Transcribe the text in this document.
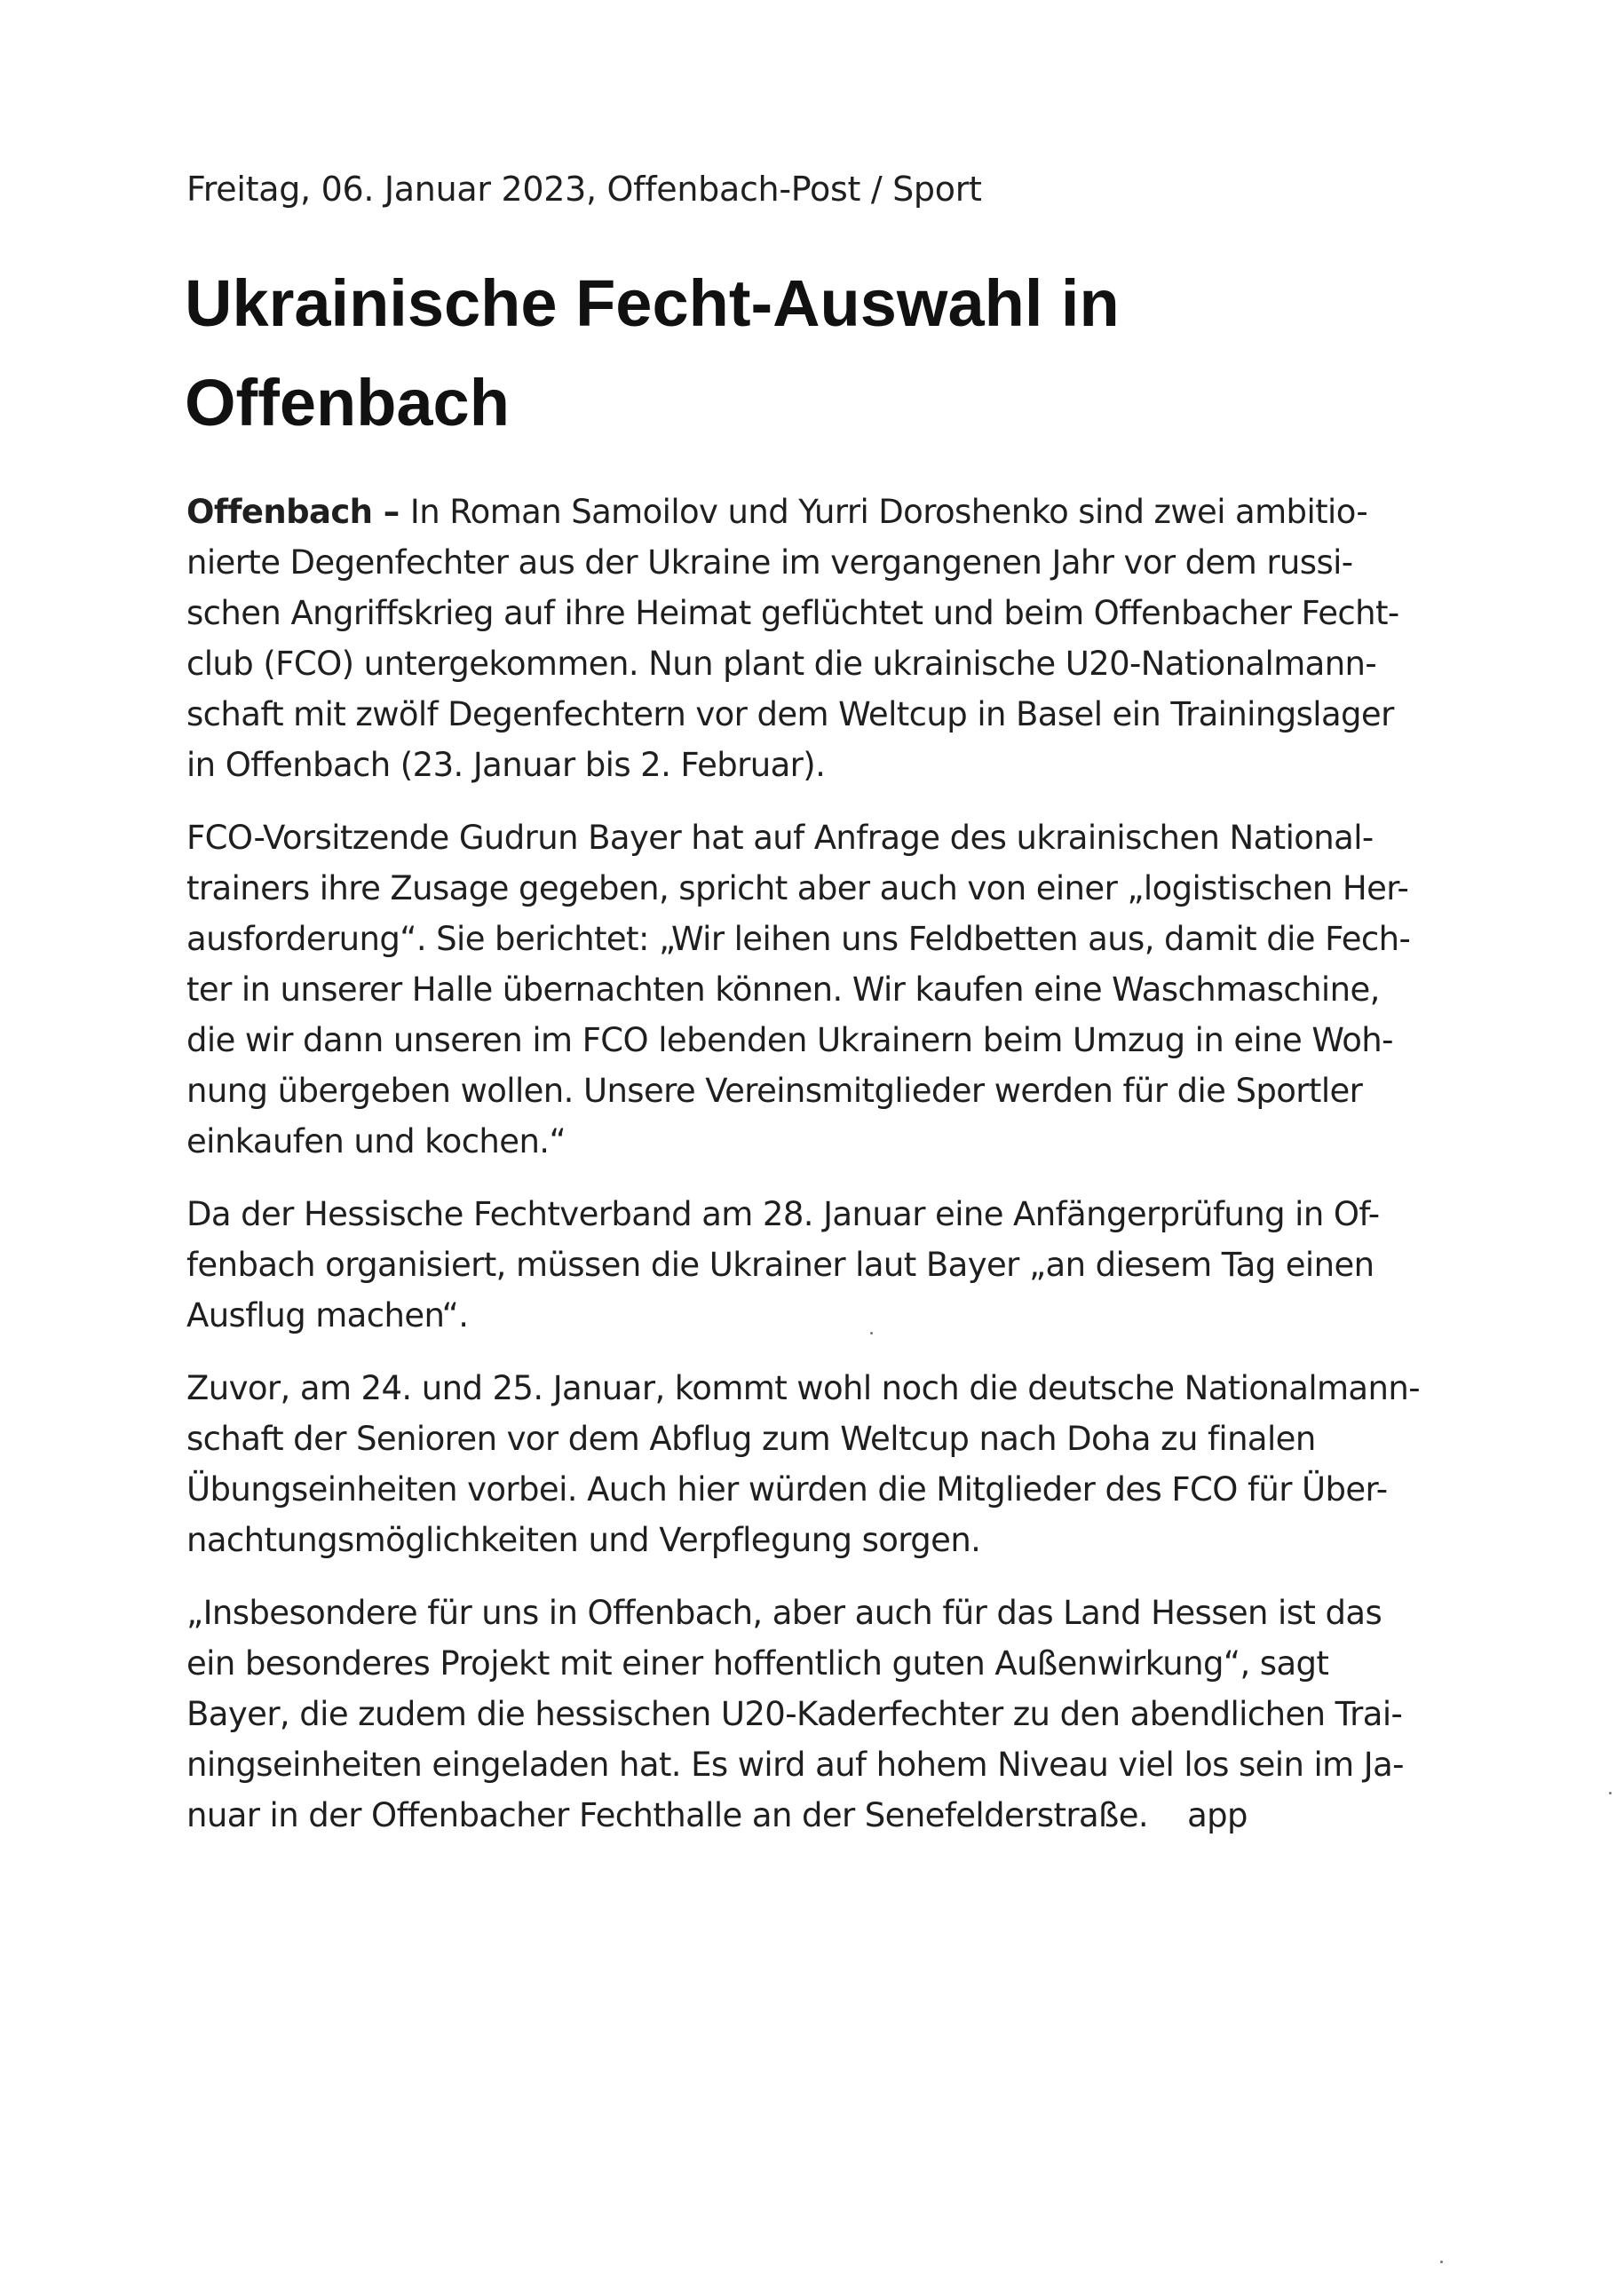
Freitag, 06. Januar 2023, Offenbach-Post / Sport
Ukrainische Fecht-Auswahl in Offenbach
Offenbach – In Roman Samoilov und Yurri Doroshenko sind zwei ambitio-
nierte Degenfechter aus der Ukraine im vergangenen Jahr vor dem russi-
schen Angriffskrieg auf ihre Heimat geflüchtet und beim Offenbacher Fecht-
club (FCO) untergekommen. Nun plant die ukrainische U20-Nationalmann-
schaft mit zwölf Degenfechtern vor dem Weltcup in Basel ein Trainingslager
in Offenbach (23. Januar bis 2. Februar).
FCO-Vorsitzende Gudrun Bayer hat auf Anfrage des ukrainischen National-
trainers ihre Zusage gegeben, spricht aber auch von einer „logistischen Her-
ausforderung“. Sie berichtet: „Wir leihen uns Feldbetten aus, damit die Fech-
ter in unserer Halle übernachten können. Wir kaufen eine Waschmaschine,
die wir dann unseren im FCO lebenden Ukrainern beim Umzug in eine Woh-
nung übergeben wollen. Unsere Vereinsmitglieder werden für die Sportler
einkaufen und kochen.“
Da der Hessische Fechtverband am 28. Januar eine Anfängerprüfung in Of-
fenbach organisiert, müssen die Ukrainer laut Bayer „an diesem Tag einen
Ausflug machen“.
Zuvor, am 24. und 25. Januar, kommt wohl noch die deutsche Nationalmann-
schaft der Senioren vor dem Abflug zum Weltcup nach Doha zu finalen
Übungseinheiten vorbei. Auch hier würden die Mitglieder des FCO für Über-
nachtungsmöglichkeiten und Verpflegung sorgen.
„Insbesondere für uns in Offenbach, aber auch für das Land Hessen ist das
ein besonderes Projekt mit einer hoffentlich guten Außenwirkung“, sagt
Bayer, die zudem die hessischen U20-Kaderfechter zu den abendlichen Trai-
ningseinheiten eingeladen hat. Es wird auf hohem Niveau viel los sein im Ja-
nuar in der Offenbacher Fechthalle an der Senefelderstraße. app
